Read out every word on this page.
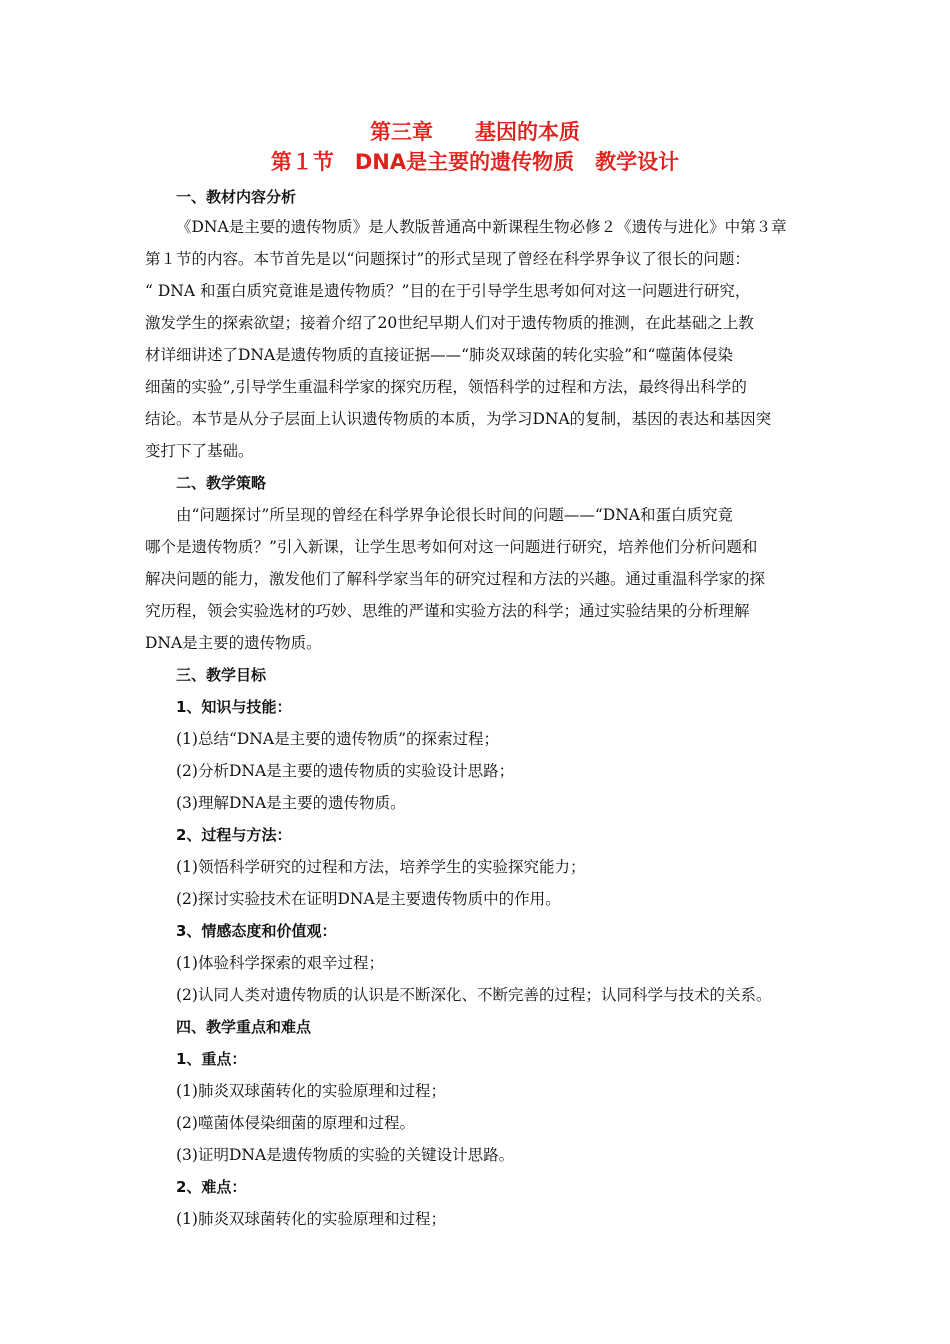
第三章　　基因的本质
第１节　DNA是主要的遗传物质　教学设计
一、教材内容分析
《DNA是主要的遗传物质》是人教版普通高中新课程生物必修２《遗传与进化》中第３章
第１节的内容。本节首先是以“问题探讨”的形式呈现了曾经在科学界争议了很长的问题：
“ DNA 和蛋白质究竟谁是遗传物质？”目的在于引导学生思考如何对这一问题进行研究，
激发学生的探索欲望；接着介绍了20世纪早期人们对于遗传物质的推测，在此基础之上教
材详细讲述了DNA是遗传物质的直接证据——“肺炎双球菌的转化实验”和“噬菌体侵染
细菌的实验”,引导学生重温科学家的探究历程，领悟科学的过程和方法，最终得出科学的
结论。本节是从分子层面上认识遗传物质的本质，为学习DNA的复制，基因的表达和基因突
变打下了基础。
二、教学策略
由“问题探讨”所呈现的曾经在科学界争论很长时间的问题——“DNA和蛋白质究竟
哪个是遗传物质？”引入新课，让学生思考如何对这一问题进行研究，培养他们分析问题和
解决问题的能力，激发他们了解科学家当年的研究过程和方法的兴趣。通过重温科学家的探
究历程，领会实验选材的巧妙、思维的严谨和实验方法的科学；通过实验结果的分析理解
DNA是主要的遗传物质。
三、教学目标
1、知识与技能：
(1)总结“DNA是主要的遗传物质”的探索过程；
(2)分析DNA是主要的遗传物质的实验设计思路；
(3)理解DNA是主要的遗传物质。
2、过程与方法：
(1)领悟科学研究的过程和方法，培养学生的实验探究能力；
(2)探讨实验技术在证明DNA是主要遗传物质中的作用。
3、情感态度和价值观：
(1)体验科学探索的艰辛过程；
(2)认同人类对遗传物质的认识是不断深化、不断完善的过程；认同科学与技术的关系。
四、教学重点和难点
1、重点：
(1)肺炎双球菌转化的实验原理和过程；
(2)噬菌体侵染细菌的原理和过程。
(3)证明DNA是遗传物质的实验的关键设计思路。
2、难点：
(1)肺炎双球菌转化的实验原理和过程；
